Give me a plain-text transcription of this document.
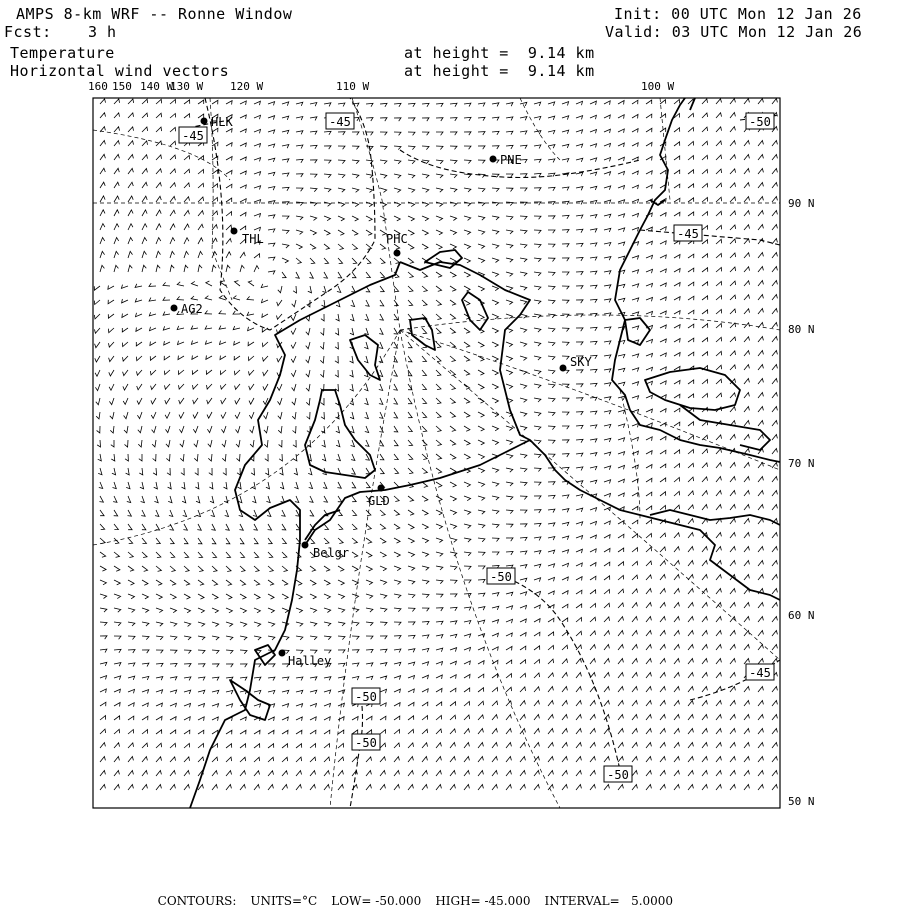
AMPS 8-km WRF -- Ronne Window
Fcst: 3 h
Init: 00 UTC Mon 12 Jan 26
Valid: 03 UTC Mon 12 Jan 26
Temperature	at height =  9.14 km
Horizontal wind vectors	at height =  9.14 km
-45
-45	-50
-45
-50
-50
-50
-50
-45
HLK
PNE
THL	PHC
AG2
SKY
GLD
Belgr
Halley
160 150 140 W
130 W 120 W	110 W	100 W
90 N
80 N
70 N
60 N
50 N

CONTOURS: UNITS=°C LOW= -50.000 HIGH= -45.000 INTERVAL=   5.0000
